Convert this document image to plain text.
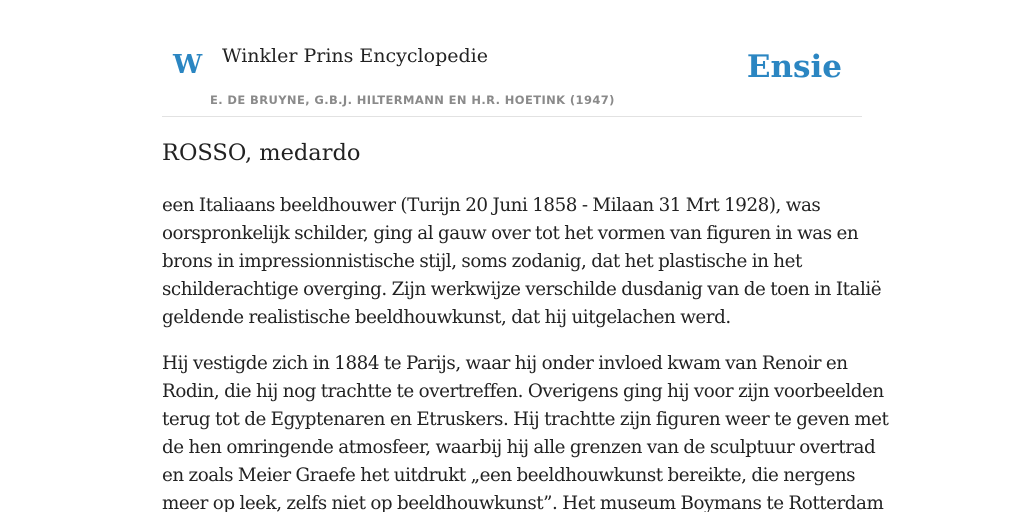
W Winkler Prins Encyclopedie
E. DE BRUYNE, G.B.J. HILTERMANN EN H.R. HOETINK (1947)
Ensie
ROSSO, medardo

een Italiaans beeldhouwer (Turijn 20 Juni 1858 - Milaan 31 Mrt 1928), was
oorspronkelijk schilder, ging al gauw over tot het vormen van figuren in was en
brons in impressionnistische stijl, soms zodanig, dat het plastische in het
schilderachtige overging. Zijn werkwijze verschilde dusdanig van de toen in Italië
geldende realistische beeldhouwkunst, dat hij uitgelachen werd.

Hij vestigde zich in 1884 te Parijs, waar hij onder invloed kwam van Renoir en
Rodin, die hij nog trachtte te overtreffen. Overigens ging hij voor zijn voorbeelden
terug tot de Egyptenaren en Etruskers. Hij trachtte zijn figuren weer te geven met
de hen omringende atmosfeer, waarbij hij alle grenzen van de sculptuur overtrad
en zoals Meier Graefe het uitdrukt „een beeldhouwkunst bereikte, die nergens
meer op leek, zelfs niet op beeldhouwkunst”. Het museum Boymans te Rotterdam
